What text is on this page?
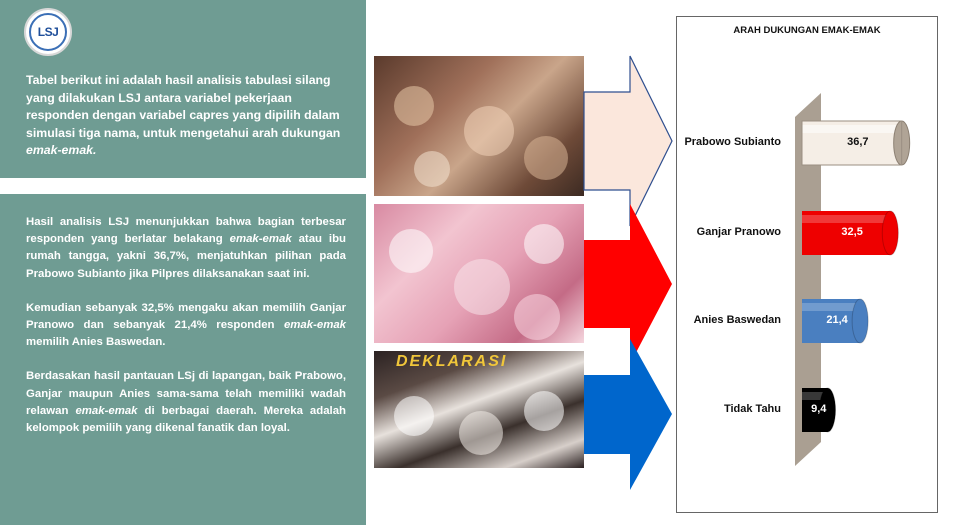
LSJ

Tabel berikut ini adalah hasil analisis tabulasi silang yang dilakukan LSJ antara variabel pekerjaan responden dengan variabel capres yang dipilih dalam simulasi tiga nama, untuk mengetahui arah dukungan emak-emak.

Hasil analisis LSJ menunjukkan bahwa bagian terbesar responden yang berlatar belakang emak-emak atau ibu rumah tangga, yakni 36,7%, menjatuhkan pilihan pada Prabowo Subianto jika Pilpres dilaksanakan saat ini.

Kemudian sebanyak 32,5% mengaku akan memilih Ganjar Pranowo dan sebanyak 21,4% responden emak-emak memilih Anies Baswedan.

Berdasakan hasil pantauan LSj di lapangan, baik Prabowo, Ganjar maupun Anies sama-sama telah memiliki wadah relawan emak-emak di berbagai daerah. Mereka adalah kelompok pemilih yang dikenal fanatik dan loyal.

DEKLARASI
ARAH DUKUNGAN EMAK-EMAK
Prabowo Subianto	36,7
Ganjar Pranowo	32,5
Anies Baswedan	21,4
Tidak Tahu	9,4
